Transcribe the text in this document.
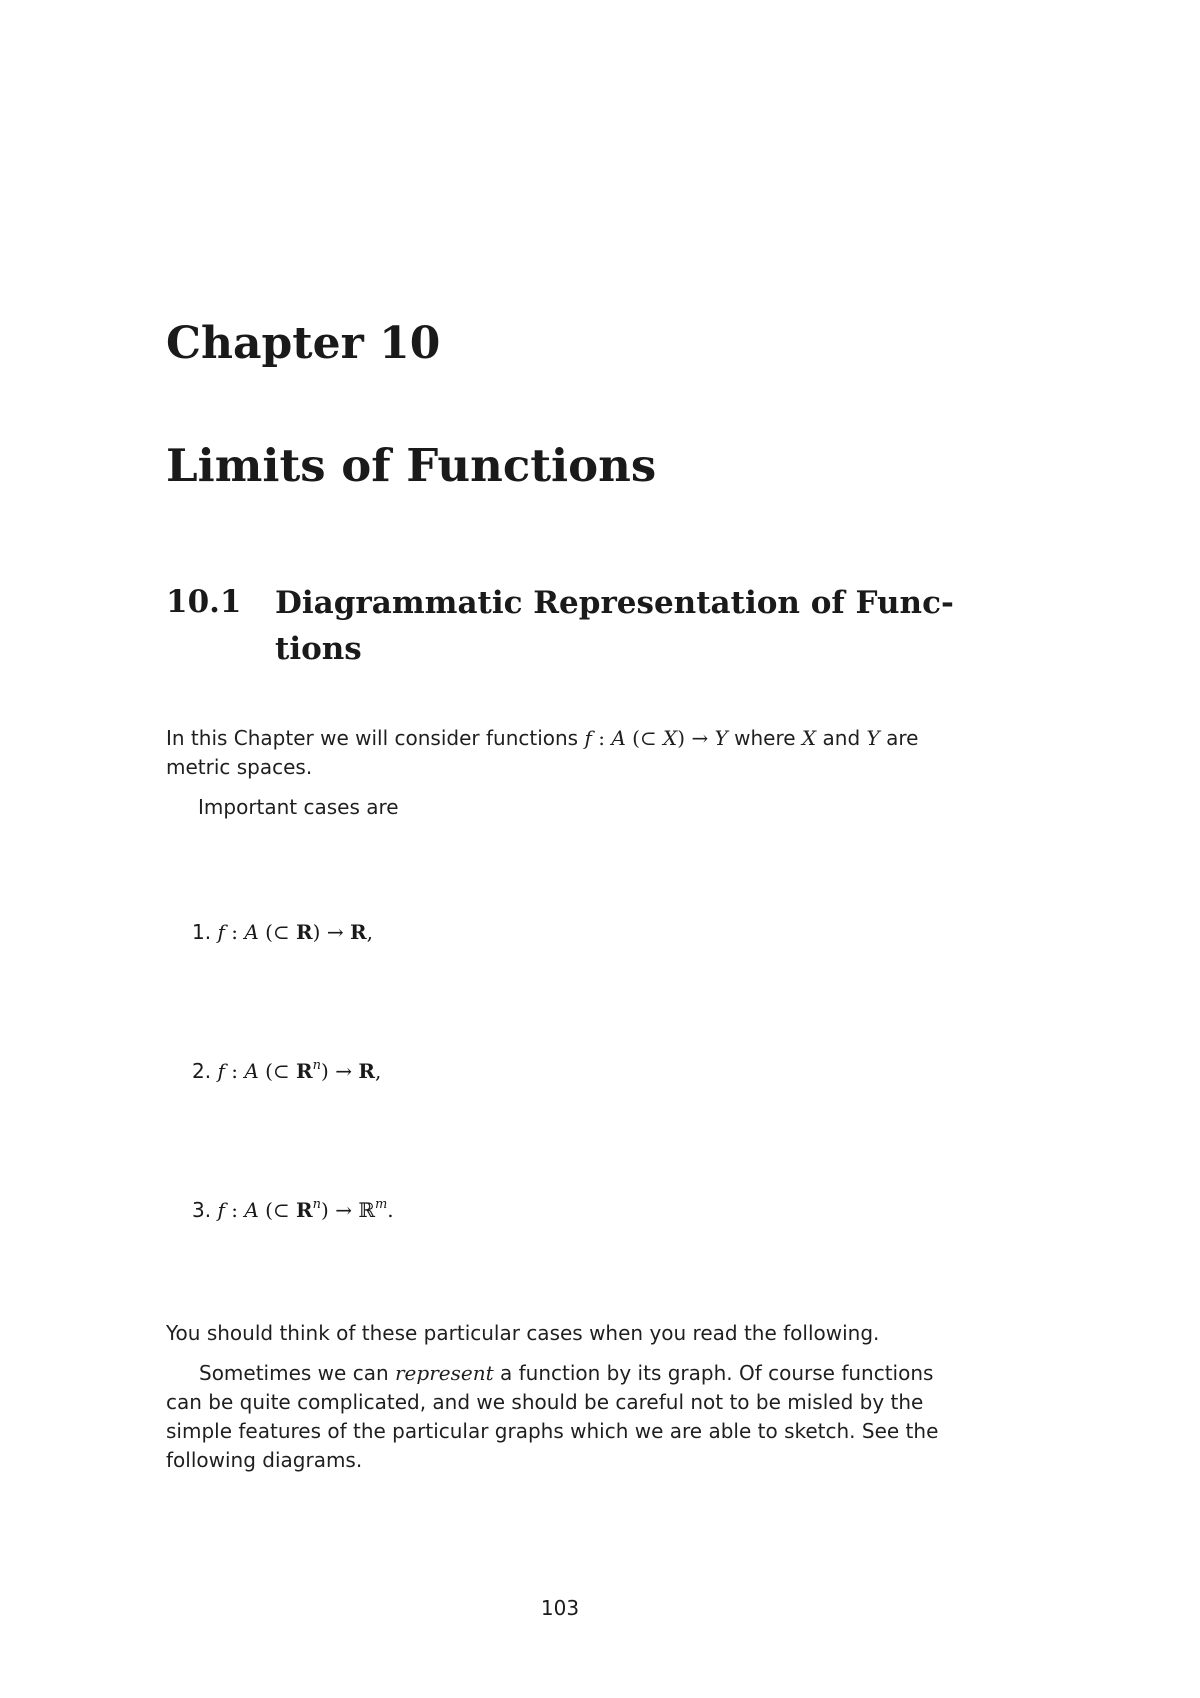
Chapter 10
Limits of Functions
10.1 Diagrammatic Representation of Func-tions
In this Chapter we will consider functions f : A (⊂ X) → Y where X and Y are metric spaces.
Important cases are
1. f : A (⊂ R) → R,
2. f : A (⊂ $R^n) \to R$,
3. f : A (⊂ $R^n$) → ℝ$^m$.
You should think of these particular cases when you read the following.
Sometimes we can represent a function by its graph. Of course functions can be quite complicated, and we should be careful not to be misled by the simple features of the particular graphs which we are able to sketch. See the following diagrams.
103
